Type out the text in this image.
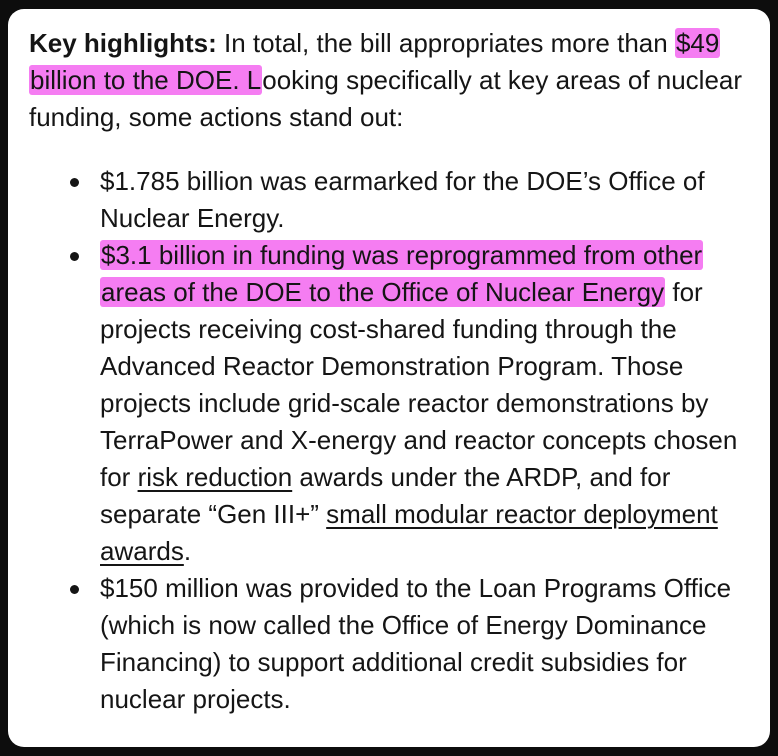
Key highlights: In total, the bill appropriates more than $49 billion to the DOE. Looking specifically at key areas of nuclear funding, some actions stand out:

$1.785 billion was earmarked for the DOE’s Office of Nuclear Energy.
$3.1 billion in funding was reprogrammed from other areas of the DOE to the Office of Nuclear Energy for projects receiving cost-shared funding through the Advanced Reactor Demonstration Program. Those projects include grid-scale reactor demonstrations by TerraPower and X-energy and reactor concepts chosen for risk reduction awards under the ARDP, and for separate “Gen III+” small modular reactor deployment awards.
$150 million was provided to the Loan Programs Office (which is now called the Office of Energy Dominance Financing) to support additional credit subsidies for nuclear projects.
